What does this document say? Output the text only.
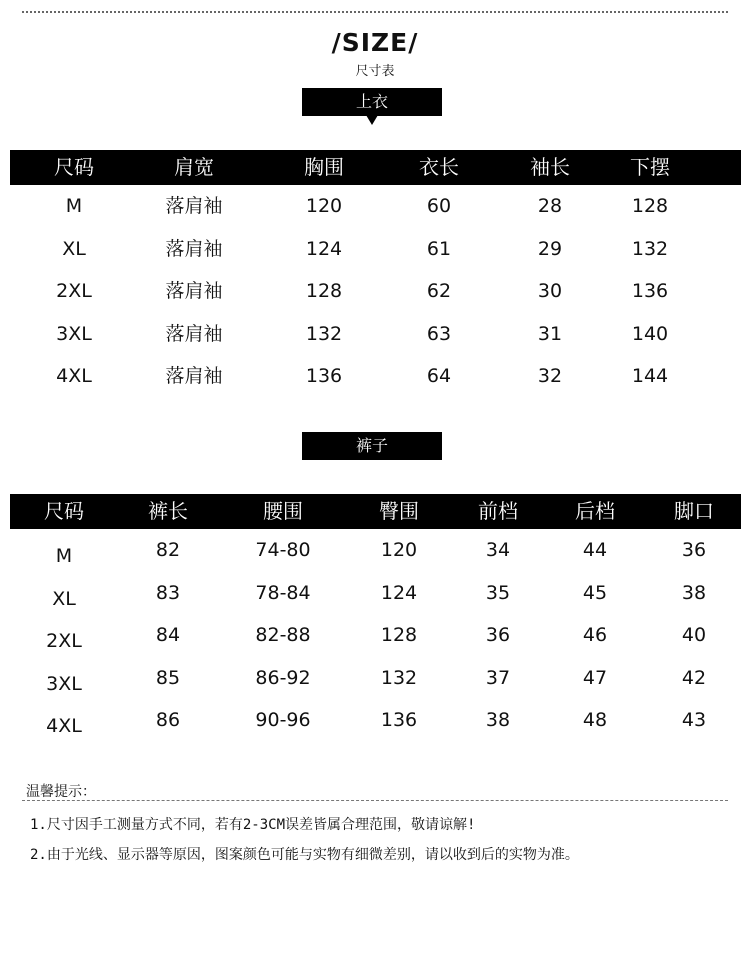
/SIZE/
尺寸表
上衣
尺码	肩宽	胸围	衣长	袖长	下摆
M	落肩袖	120	60	28	128
XL	落肩袖	124	61	29	132
2XL	落肩袖	128	62	30	136
3XL	落肩袖	132	63	31	140
4XL	落肩袖	136	64	32	144
裤子
尺码	裤长	腰围	臀围	前档	后档	脚口
M	82	74-80	120	34	44	36
XL	83	78-84	124	35	45	38
2XL	84	82-88	128	36	46	40
3XL	85	86-92	132	37	47	42
4XL	86	90-96	136	38	48	43
温馨提示：
1.尺寸因手工测量方式不同，若有2-3CM误差皆属合理范围，敬请谅解!
2.由于光线、显示器等原因，图案颜色可能与实物有细微差别，请以收到后的实物为准。
